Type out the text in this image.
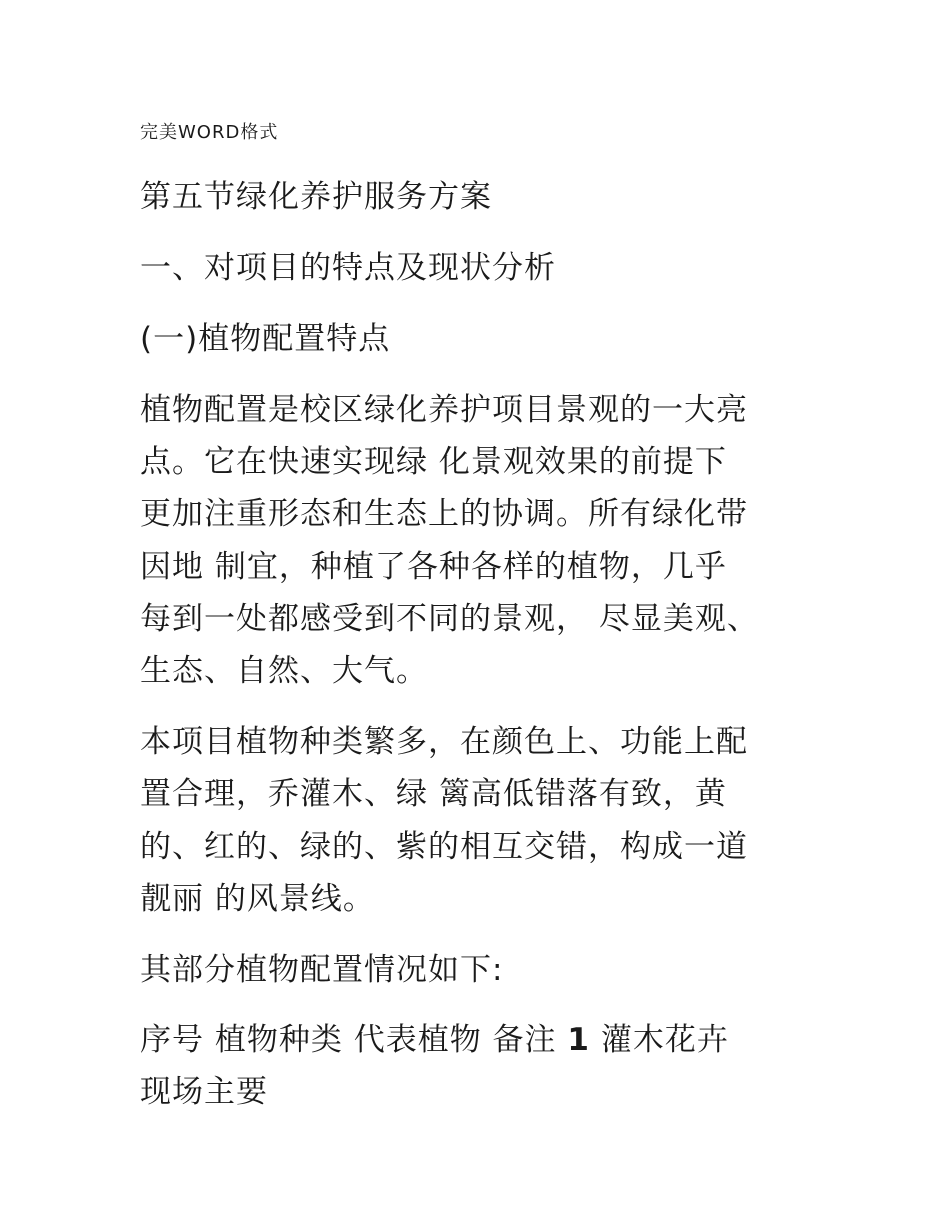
完美WORD格式
第五节绿化养护服务方案
一、对项目的特点及现状分析
(一)植物配置特点
植物配置是校区绿化养护项目景观的一大亮
点。它在快速实现绿 化景观效果的前提下
更加注重形态和生态上的协调。所有绿化带
因地 制宜，种植了各种各样的植物，几乎
每到一处都感受到不同的景观， 尽显美观、
生态、自然、大气。
本项目植物种类繁多，在颜色上、功能上配
置合理，乔灌木、绿 篱高低错落有致，黄
的、红的、绿的、紫的相互交错，构成一道
靓丽 的风景线。
其部分植物配置情况如下:
序号 植物种类 代表植物 备注 1 灌木花卉
现场主要
